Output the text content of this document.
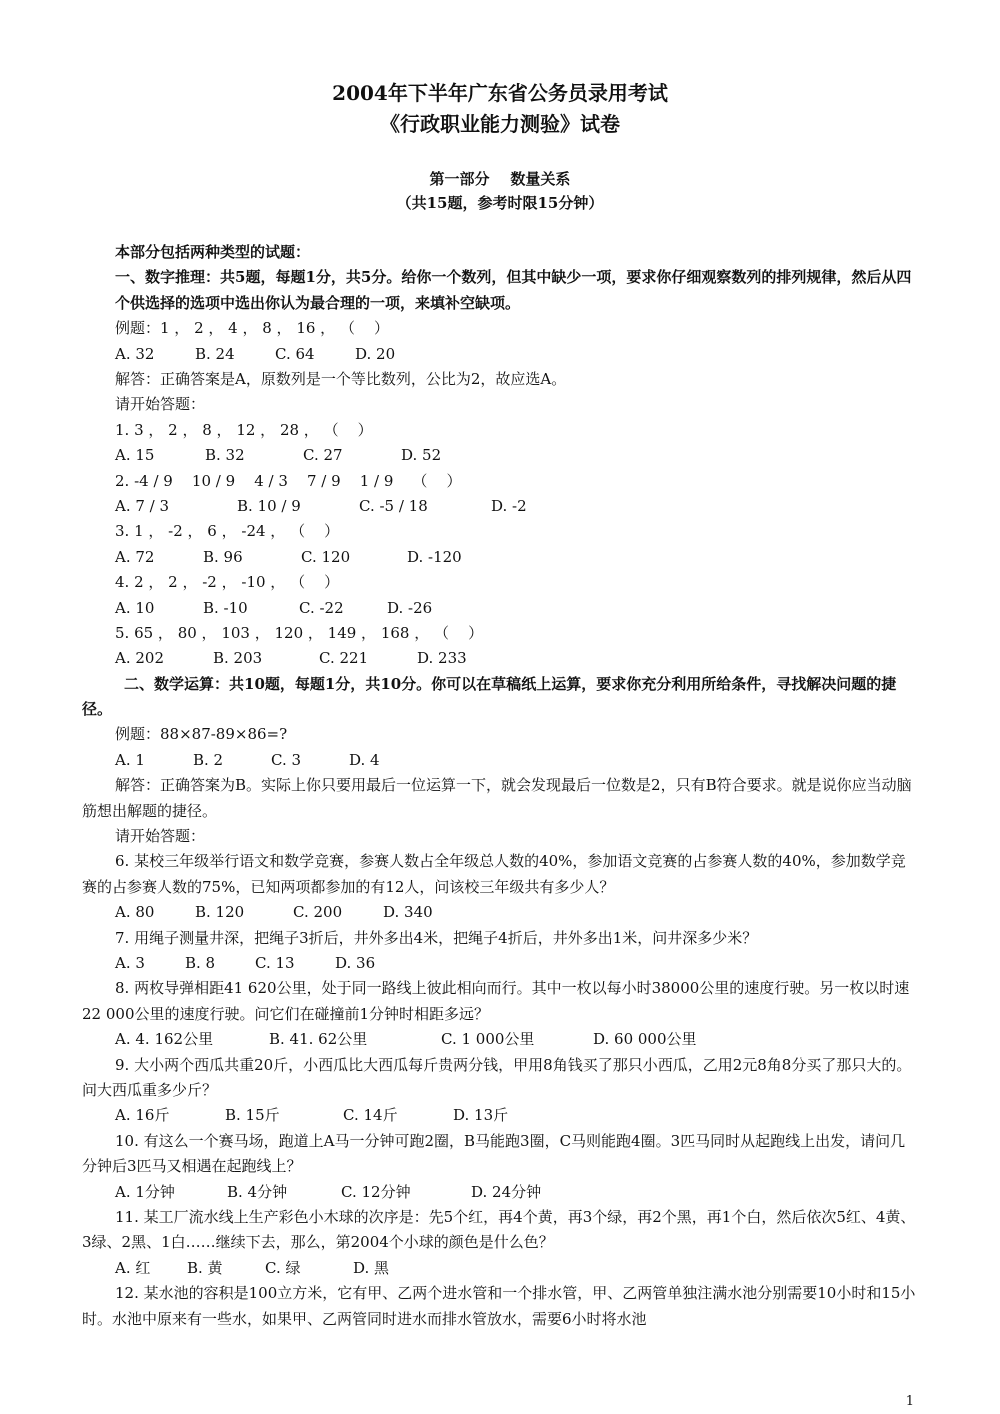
2004年下半年广东省公务员录用考试
《行政职业能力测验》试卷
第一部分    数量关系
（共15题，参考时限15分钟）
本部分包括两种类型的试题：
一、数字推理：共5题，每题1分，共5分。给你一个数列，但其中缺少一项，要求你仔细观察数列的排列规律，然后从四个供选择的选项中选出你认为最合理的一项，来填补空缺项。
例题：1 ， 2 ， 4 ， 8 ， 16 ， （    ）
A. 32	B. 24	C. 64	D. 20
解答：正确答案是A，原数列是一个等比数列，公比为2，故应选A。
请开始答题：
1. 3 ， 2 ， 8 ， 12 ， 28 ， （    ）
A. 15	B. 32	C. 27	D. 52
2. -4 / 9    10 / 9    4 / 3    7 / 9    1 / 9    （    ）
A. 7 / 3	B. 10 / 9	C. -5 / 18	D. -2
3. 1 ， -2 ， 6 ， -24 ， （    ）
A. 72	B. 96	C. 120	D. -120
4. 2 ， 2 ， -2 ， -10 ， （    ）
A. 10	B. -10	C. -22	D. -26
5. 65 ， 80 ， 103 ， 120 ， 149 ， 168 ， （    ）
A. 202	B. 203	C. 221	D. 233
二、数学运算：共10题，每题1分，共10分。你可以在草稿纸上运算，要求你充分利用所给条件，寻找解决问题的捷径。
例题：88×87-89×86=?
A. 1	B. 2	C. 3	D. 4
解答：正确答案为B。实际上你只要用最后一位运算一下，就会发现最后一位数是2，只有B符合要求。就是说你应当动脑筋想出解题的捷径。
请开始答题：
6. 某校三年级举行语文和数学竞赛，参赛人数占全年级总人数的40%，参加语文竞赛的占参赛人数的40%，参加数学竞赛的占参赛人数的75%，已知两项都参加的有12人，问该校三年级共有多少人？
A. 80	B. 120	C. 200	D. 340
7. 用绳子测量井深，把绳子3折后，井外多出4米，把绳子4折后，井外多出1米，问井深多少米？
A. 3	B. 8	C. 13	D. 36
8. 两枚导弹相距41 620公里，处于同一路线上彼此相向而行。其中一枚以每小时38000公里的速度行驶。另一枚以时速22 000公里的速度行驶。问它们在碰撞前1分钟时相距多远？
A. 4. 162公里	B. 41. 62公里	C. 1 000公里	D. 60 000公里
9. 大小两个西瓜共重20斤，小西瓜比大西瓜每斤贵两分钱，甲用8角钱买了那只小西瓜，乙用2元8角8分买了那只大的。问大西瓜重多少斤？
A. 16斤	B. 15斤	C. 14斤	D. 13斤
10. 有这么一个赛马场，跑道上A马一分钟可跑2圈，B马能跑3圈，C马则能跑4圈。3匹马同时从起跑线上出发，请问几分钟后3匹马又相遇在起跑线上？
A. 1分钟	B. 4分钟	C. 12分钟	D. 24分钟
11. 某工厂流水线上生产彩色小木球的次序是：先5个红，再4个黄，再3个绿，再2个黑，再1个白，然后依次5红、4黄、3绿、2黑、1白……继续下去，那么，第2004个小球的颜色是什么色？
A. 红 B. 黄	C. 绿	D. 黑
12. 某水池的容积是100立方米，它有甲、乙两个进水管和一个排水管，甲、乙两管单独注满水池分别需要10小时和15小时。水池中原来有一些水，如果甲、乙两管同时进水而排水管放水，需要6小时将水池
1
